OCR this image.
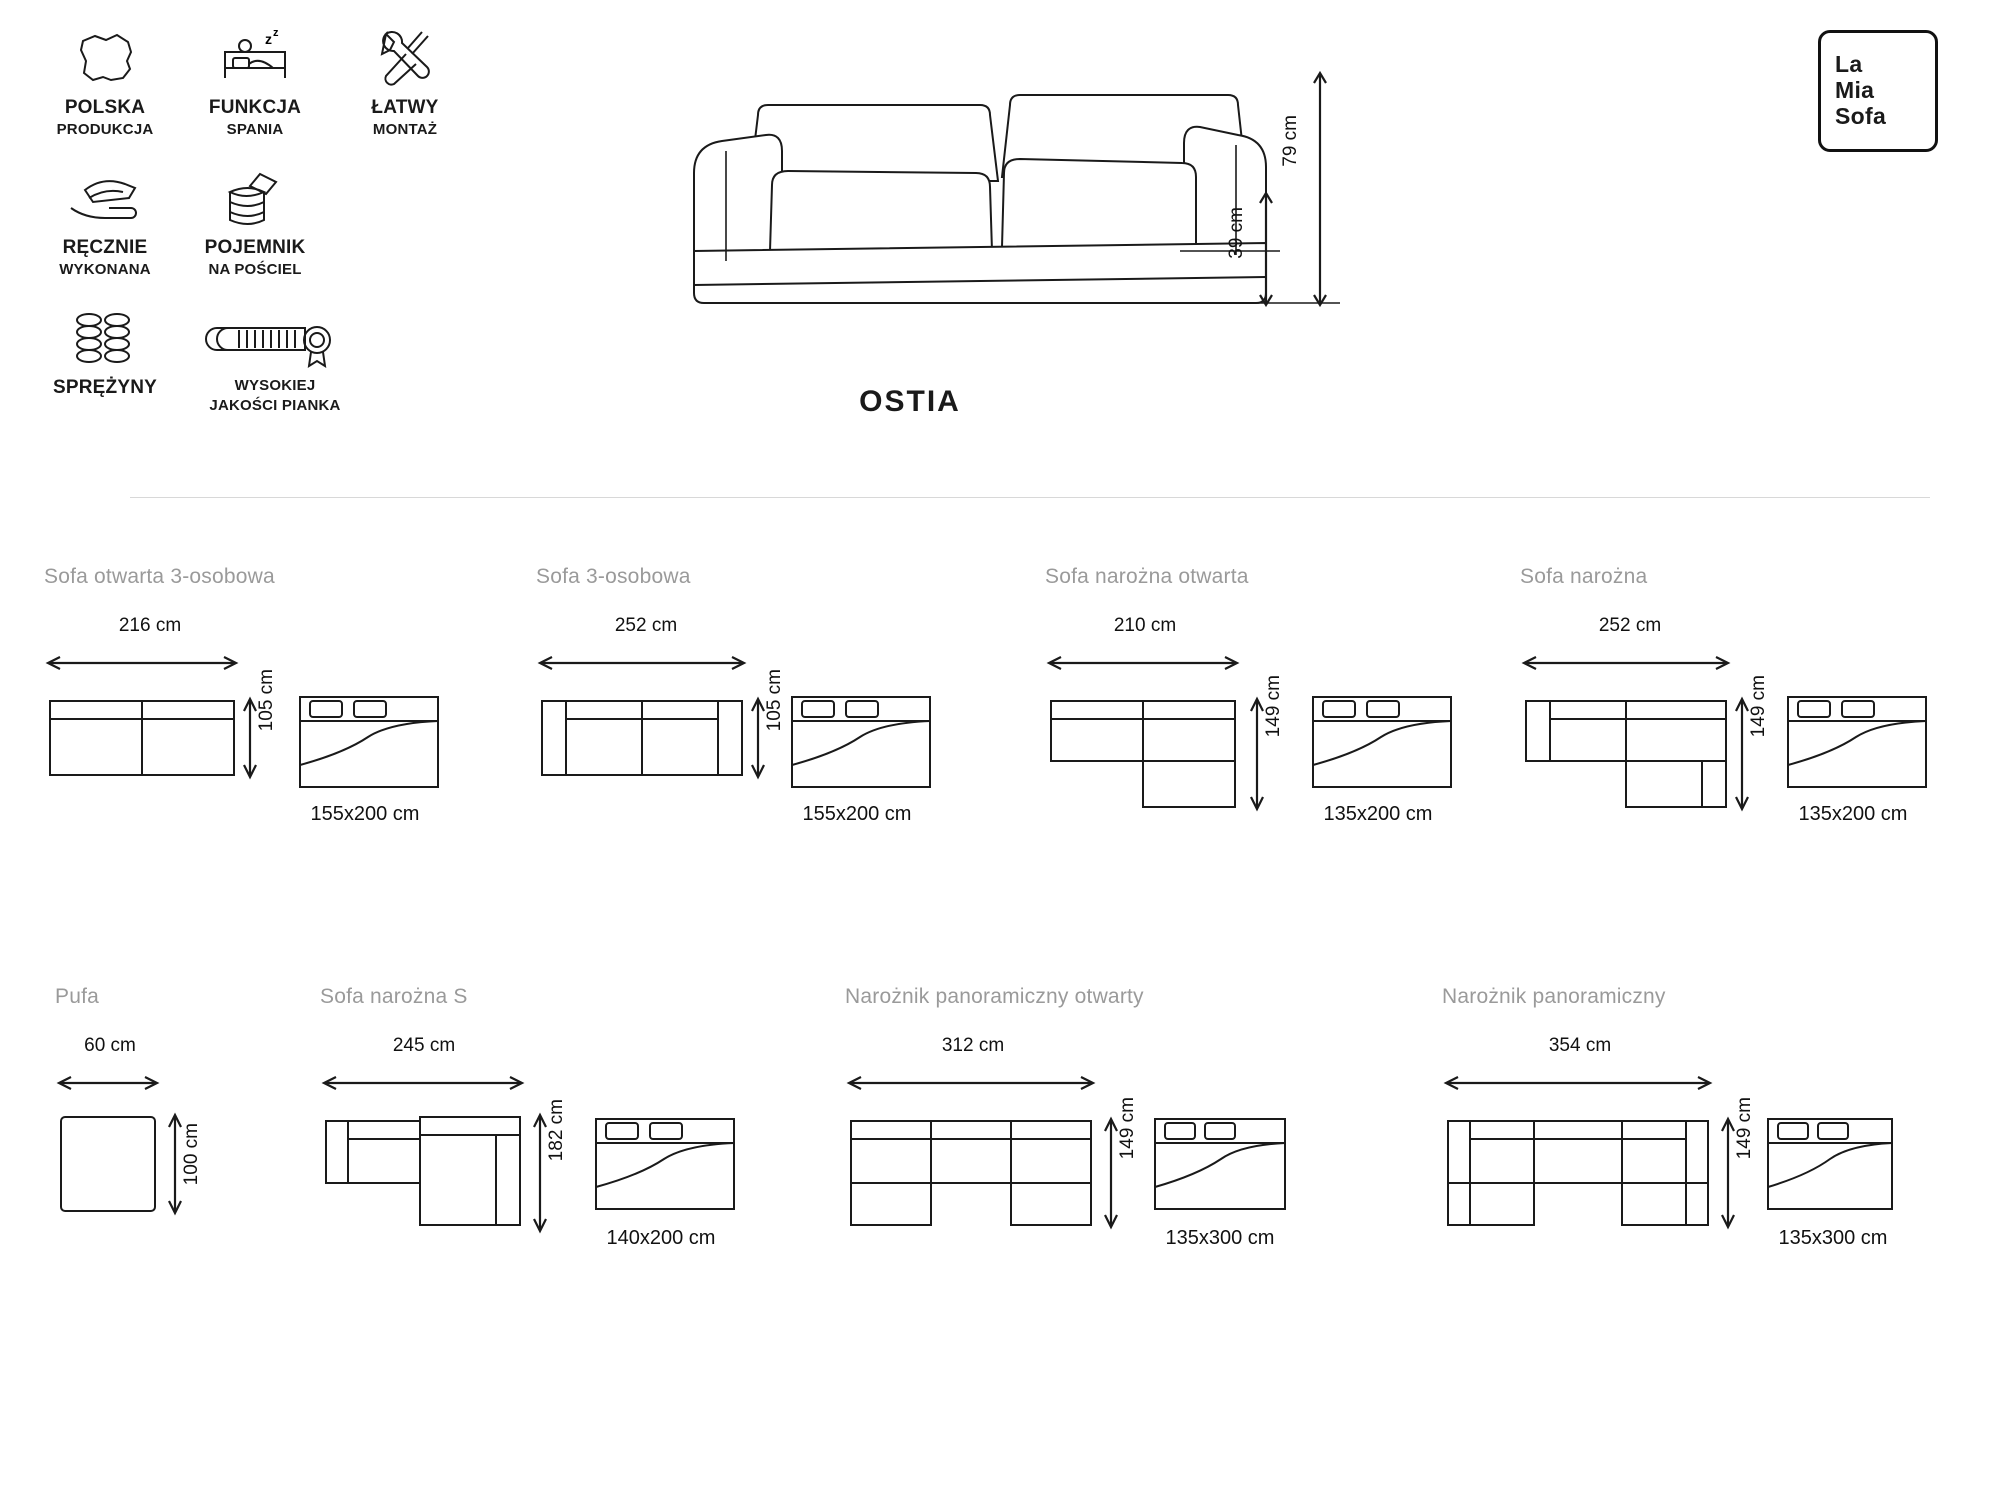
POLSKA
PRODUKCJA
z z
FUNKCJA
SPANIA
ŁATWY
MONTAŻ
RĘCZNIE
WYKONANA
POJEMNIK
NA POŚCIEL
SPRĘŻYNY	WYSOKIEJ
JAKOŚCI PIANKA
79 cm
39 cm
OSTIA
La
Mia
Sofa
Sofa otwarta 3-osobowa
216 cm
105 cm
155x200 cm
Sofa 3-osobowa
252 cm
105 cm
155x200 cm
Sofa narożna otwarta
210 cm
149 cm
135x200 cm
Sofa narożna
252 cm
149 cm
135x200 cm
Pufa
60 cm
100 cm
Sofa narożna S
245 cm
182 cm
140x200 cm
Narożnik panoramiczny otwarty
312 cm
149 cm
135x300 cm
Narożnik panoramiczny
354 cm
149 cm
135x300 cm
